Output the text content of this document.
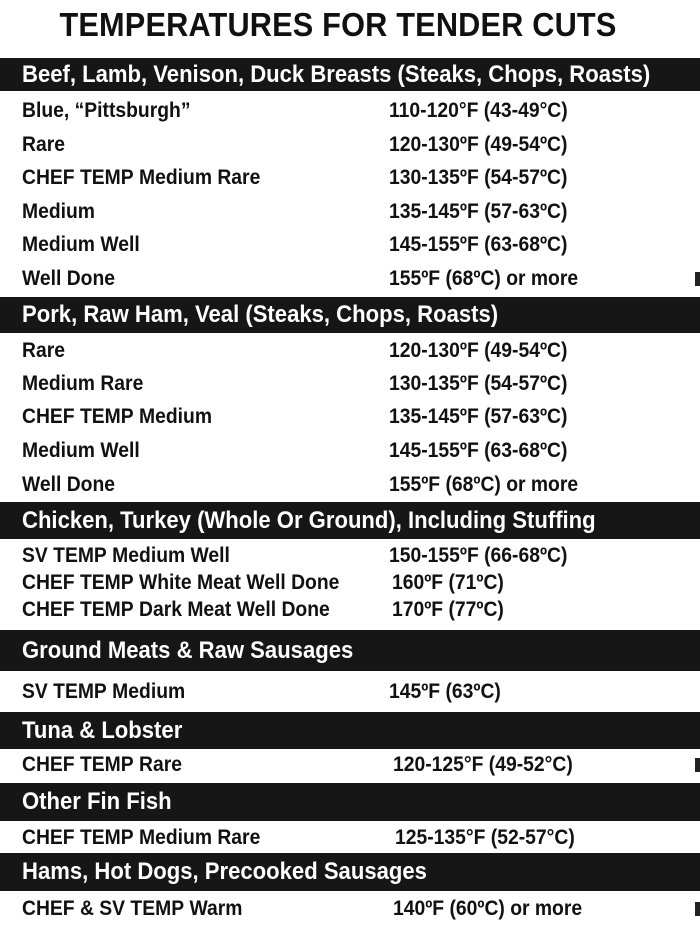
TEMPERATURES FOR TENDER CUTS
Beef, Lamb, Venison, Duck Breasts (Steaks, Chops, Roasts)
Blue, “Pittsburgh”	110-120°F (43-49°C)
Rare	120-130ºF (49-54ºC)
CHEF TEMP Medium Rare	130-135ºF (54-57ºC)
Medium	135-145ºF (57-63ºC)
Medium Well	145-155ºF (63-68ºC)
Well Done	155ºF (68ºC) or more
Pork, Raw Ham, Veal (Steaks, Chops, Roasts)
Rare	120-130ºF (49-54ºC)
Medium Rare	130-135ºF (54-57ºC)
CHEF TEMP Medium	135-145ºF (57-63ºC)
Medium Well	145-155ºF (63-68ºC)
Well Done	155ºF (68ºC) or more
Chicken, Turkey (Whole Or Ground), Including Stuffing
SV TEMP Medium Well	150-155ºF (66-68ºC)
CHEF TEMP White Meat Well Done	160ºF (71ºC)
CHEF TEMP Dark Meat Well Done	170ºF (77ºC)
Ground Meats & Raw Sausages
SV TEMP Medium	145ºF (63ºC)
Tuna & Lobster
CHEF TEMP Rare	120-125°F (49-52°C)
Other Fin Fish
CHEF TEMP Medium Rare	125-135°F (52-57°C)
Hams, Hot Dogs, Precooked Sausages
CHEF & SV TEMP Warm	140ºF (60ºC) or more
